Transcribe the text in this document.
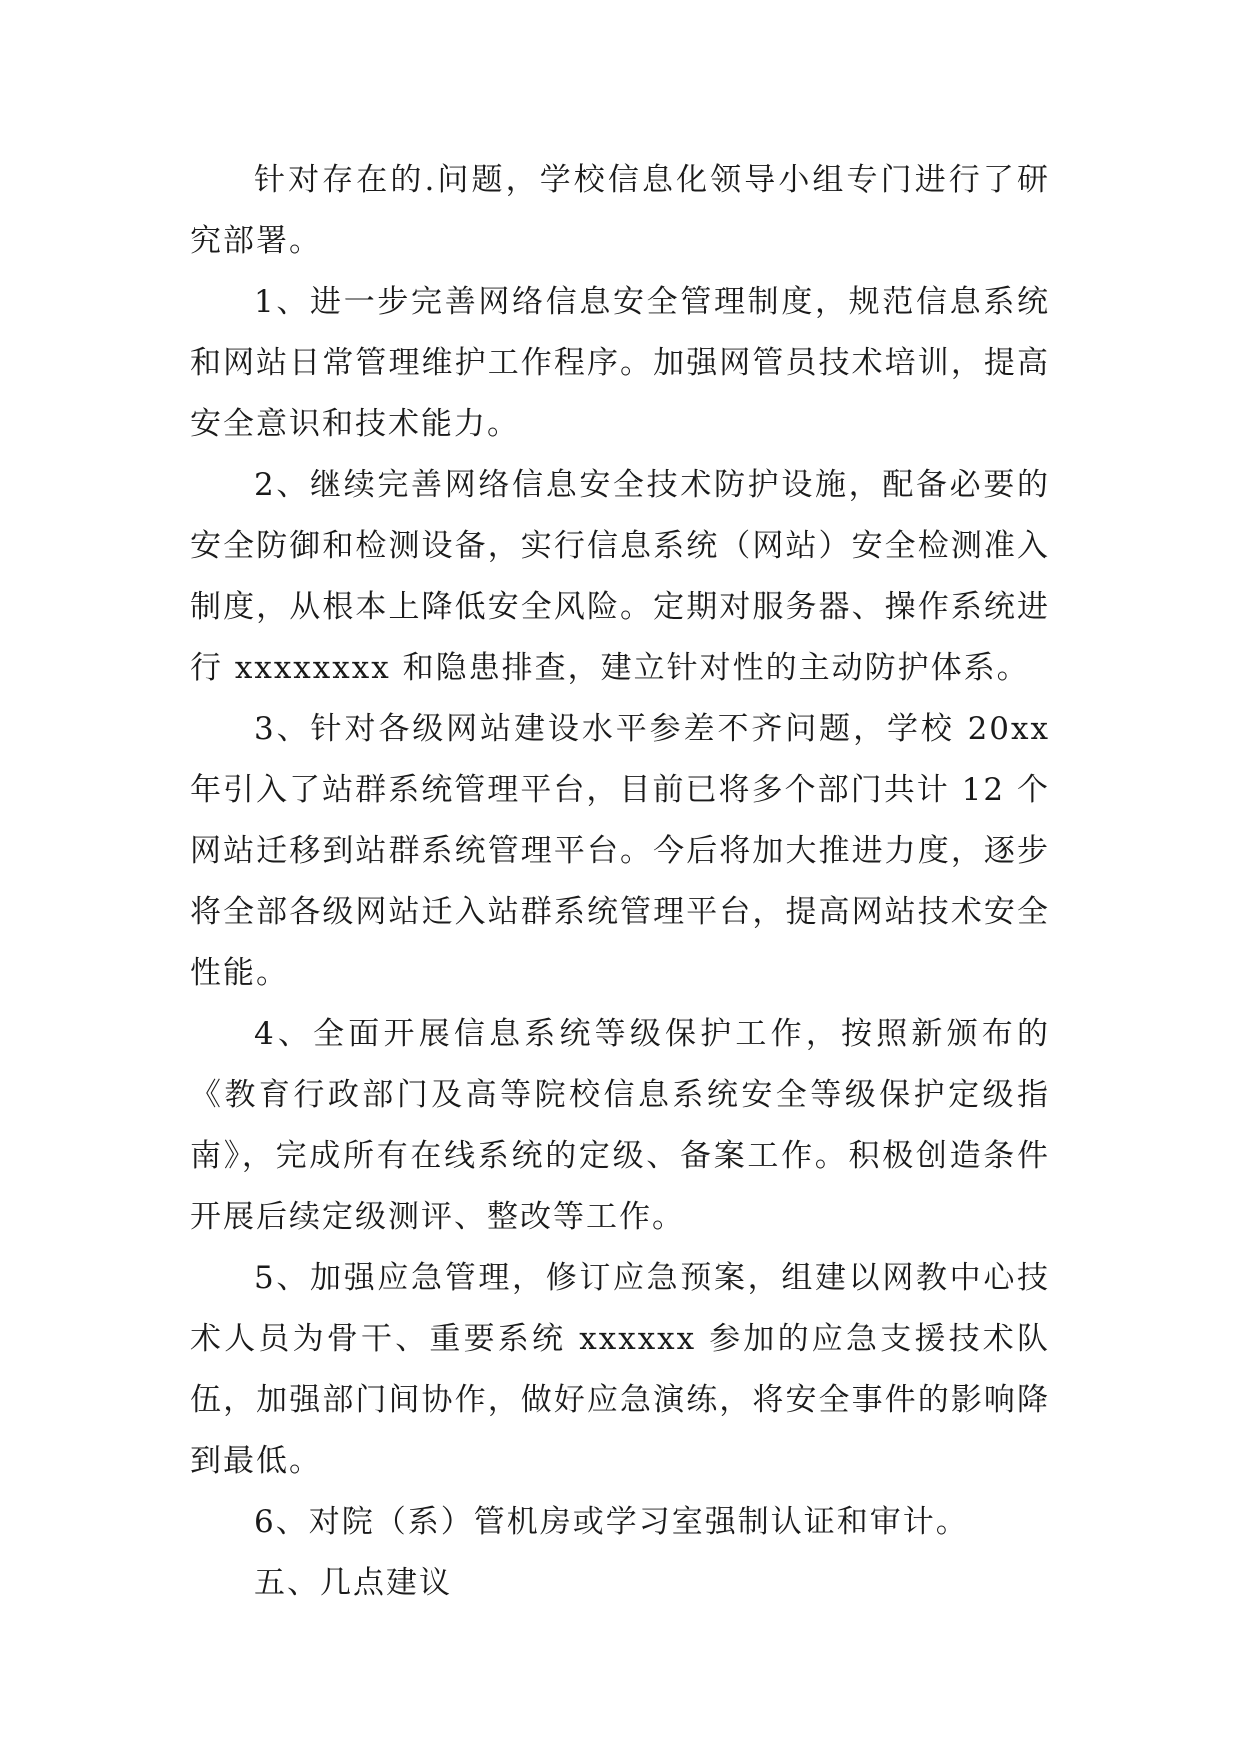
针对存在的.问题，学校信息化领导小组专门进行了研究部署。

1、进一步完善网络信息安全管理制度，规范信息系统和网站日常管理维护工作程序。加强网管员技术培训，提高安全意识和技术能力。

2、继续完善网络信息安全技术防护设施，配备必要的安全防御和检测设备，实行信息系统（网站）安全检测准入制度，从根本上降低安全风险。定期对服务器、操作系统进行 xxxxxxxx 和隐患排查，建立针对性的主动防护体系。

3、针对各级网站建设水平参差不齐问题，学校 20xx 年引入了站群系统管理平台，目前已将多个部门共计 12 个网站迁移到站群系统管理平台。今后将加大推进力度，逐步将全部各级网站迁入站群系统管理平台，提高网站技术安全性能。

4、全面开展信息系统等级保护工作，按照新颁布的《教育行政部门及高等院校信息系统安全等级保护定级指南》，完成所有在线系统的定级、备案工作。积极创造条件开展后续定级测评、整改等工作。

5、加强应急管理，修订应急预案，组建以网教中心技术人员为骨干、重要系统 xxxxxx 参加的应急支援技术队伍，加强部门间协作，做好应急演练，将安全事件的影响降到最低。

6、对院（系）管机房或学习室强制认证和审计。

五、几点建议
